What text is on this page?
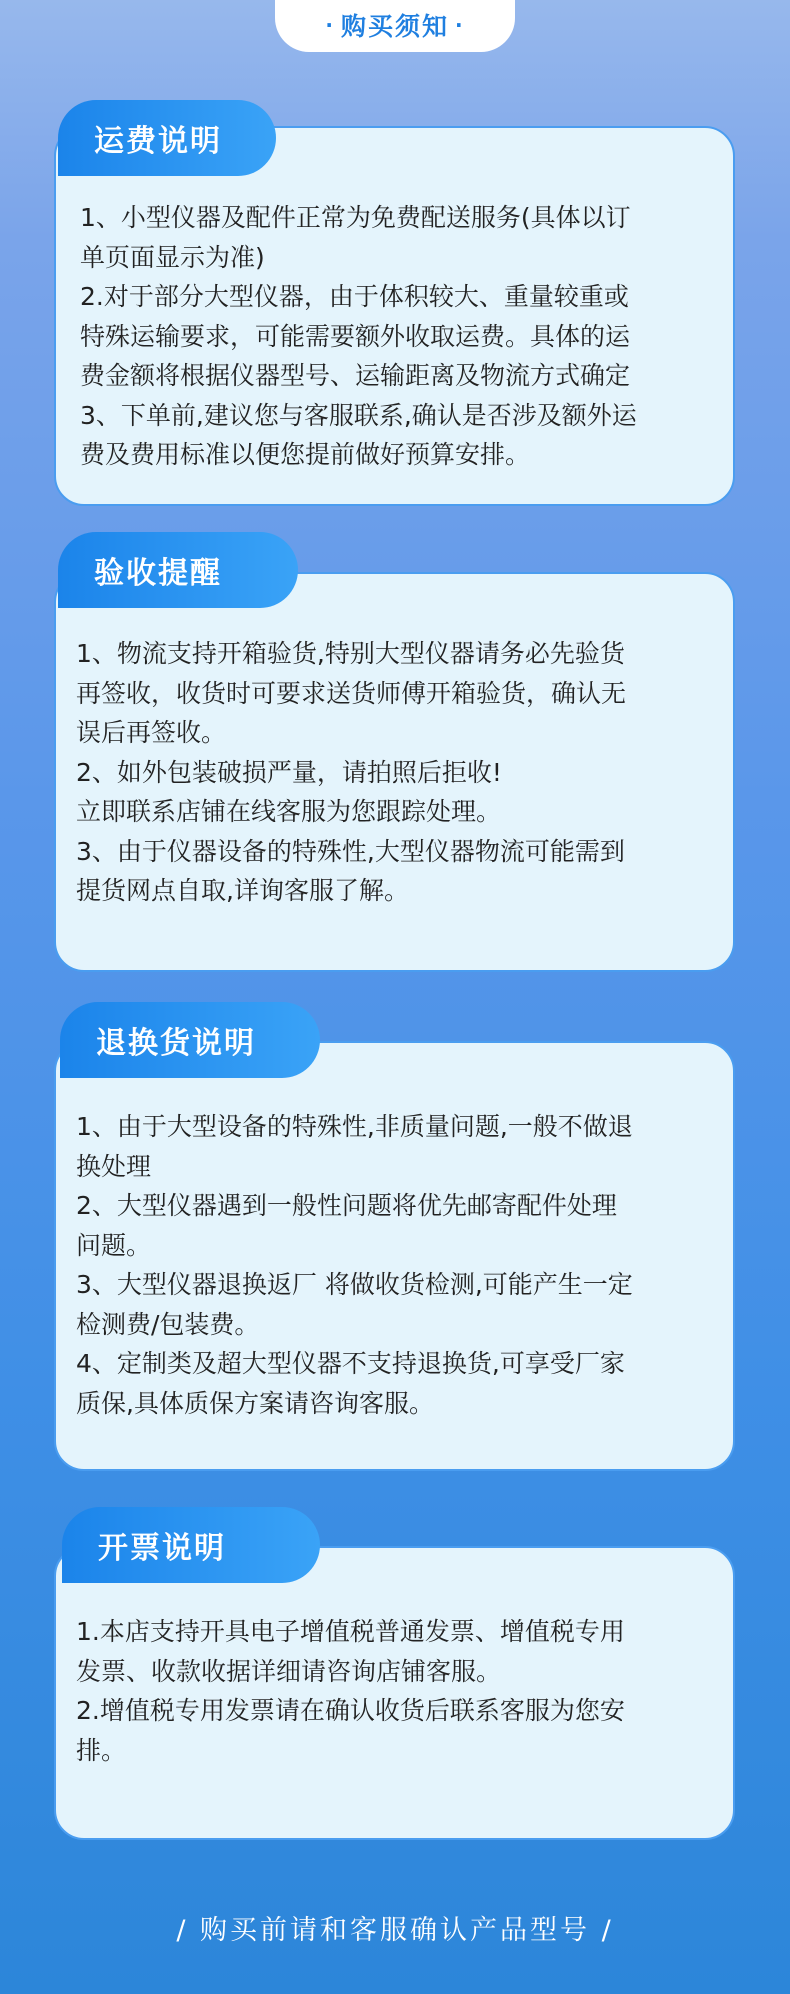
· 购买须知 ·
运费说明

1、小型仪器及配件正常为免费配送服务(具体以订

单页面显示为准)

2.对于部分大型仪器，由于体积较大、重量较重或

特殊运输要求，可能需要额外收取运费。具体的运

费金额将根据仪器型号、运输距离及物流方式确定

3、下单前,建议您与客服联系,确认是否涉及额外运

费及费用标准以便您提前做好预算安排。

验收提醒

1、物流支持开箱验货,特别大型仪器请务必先验货

再签收，收货时可要求送货师傅开箱验货，确认无

误后再签收。

2、如外包装破损严量，请拍照后拒收!

立即联系店铺在线客服为您跟踪处理。

3、由于仪器设备的特殊性,大型仪器物流可能需到

提货网点自取,详询客服了解。

退换货说明

1、由于大型设备的特殊性,非质量问题,一般不做退

换处理

2、大型仪器遇到一般性问题将优先邮寄配件处理

问题。

3、大型仪器退换返厂 将做收货检测,可能产生一定

检测费/包装费。

4、定制类及超大型仪器不支持退换货,可享受厂家

质保,具体质保方案请咨询客服。

开票说明

1.本店支持开具电子增值税普通发票、增值税专用

发票、收款收据详细请咨询店铺客服。

2.增值税专用发票请在确认收货后联系客服为您安

排。

/ 购买前请和客服确认产品型号 /
